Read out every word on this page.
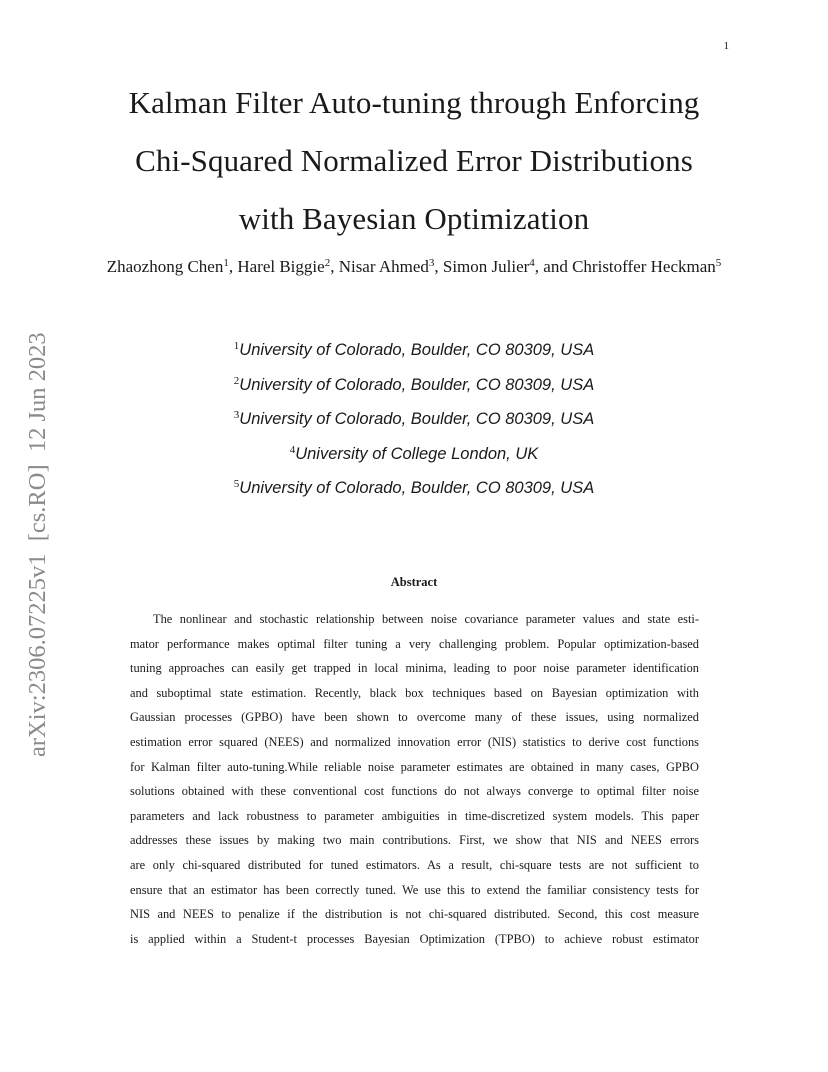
1
arXiv:2306.07225v1  [cs.RO]  12 Jun 2023
Kalman Filter Auto-tuning through Enforcing
Chi-Squared Normalized Error Distributions
with Bayesian Optimization
Zhaozhong Chen$^1$, Harel Biggie$^2$, Nisar Ahmed$^3$, Simon Julier$^4$, and Christoffer Heckman$^5$
$^1$University of Colorado, Boulder, CO 80309, USA
$^2$University of Colorado, Boulder, CO 80309, USA
$^3$University of Colorado, Boulder, CO 80309, USA
$^4$University of College London, UK
$^5$University of Colorado, Boulder, CO 80309, USA
Abstract
The nonlinear and stochastic relationship between noise covariance parameter values and state esti-
mator performance makes optimal filter tuning a very challenging problem. Popular optimization-based
tuning approaches can easily get trapped in local minima, leading to poor noise parameter identification
and suboptimal state estimation. Recently, black box techniques based on Bayesian optimization with
Gaussian processes (GPBO) have been shown to overcome many of these issues, using normalized
estimation error squared (NEES) and normalized innovation error (NIS) statistics to derive cost functions
for Kalman filter auto-tuning.While reliable noise parameter estimates are obtained in many cases, GPBO
solutions obtained with these conventional cost functions do not always converge to optimal filter noise
parameters and lack robustness to parameter ambiguities in time-discretized system models. This paper
addresses these issues by making two main contributions. First, we show that NIS and NEES errors
are only chi-squared distributed for tuned estimators. As a result, chi-square tests are not sufficient to
ensure that an estimator has been correctly tuned. We use this to extend the familiar consistency tests for
NIS and NEES to penalize if the distribution is not chi-squared distributed. Second, this cost measure
is applied within a Student-t processes Bayesian Optimization (TPBO) to achieve robust estimator
